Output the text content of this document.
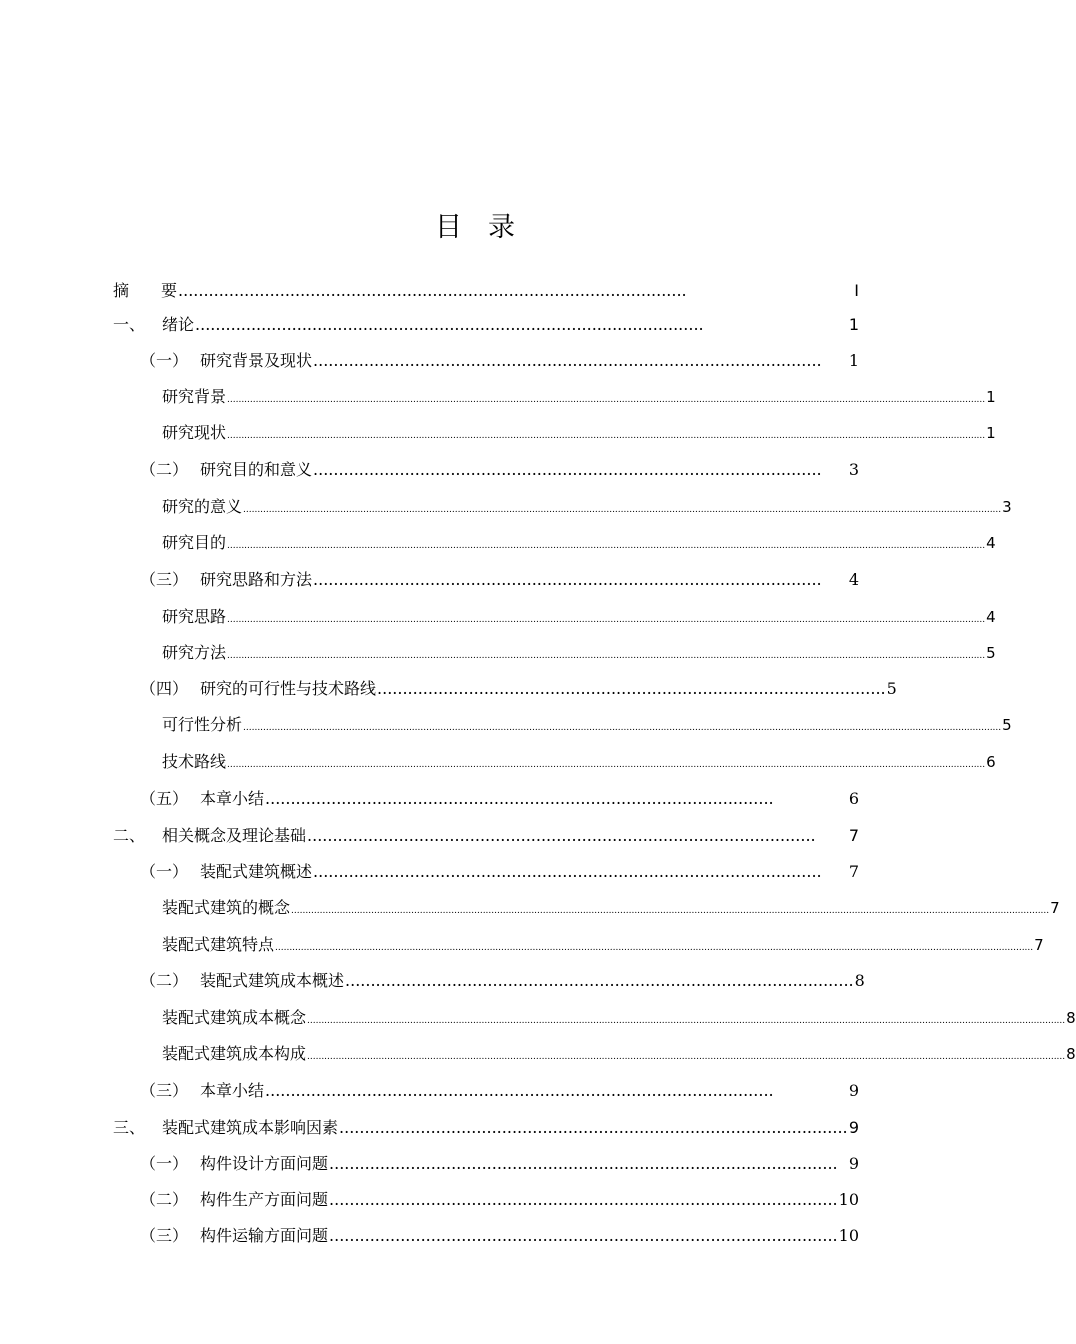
目 录
摘 要 ....................................................................................................	I
一、	绪论 ....................................................................................................	1
（一） 研究背景及现状 ....................................................................................................	1
研究背景 ......................................................................................................................................................................................................................................................................... 1
研究现状 ......................................................................................................................................................................................................................................................................... 1
（二） 研究目的和意义 ....................................................................................................	3
研究的意义 ......................................................................................................................................................................................................................................................................... 3
研究目的 ......................................................................................................................................................................................................................................................................... 4
（三） 研究思路和方法 ....................................................................................................	4
研究思路 ......................................................................................................................................................................................................................................................................... 4
研究方法 ......................................................................................................................................................................................................................................................................... 5
（四） 研究的可行性与技术路线 .................................................................................................... 5
可行性分析 ......................................................................................................................................................................................................................................................................... 5
技术路线 ......................................................................................................................................................................................................................................................................... 6
（五） 本章小结 ....................................................................................................	6
二、	相关概念及理论基础 ....................................................................................................	7
（一） 装配式建筑概述 ....................................................................................................	7
装配式建筑的概念 ......................................................................................................................................................................................................................................................................... 7
装配式建筑特点 ......................................................................................................................................................................................................................................................................... 7
（二） 装配式建筑成本概述 .................................................................................................... 8
装配式建筑成本概念 ......................................................................................................................................................................................................................................................................... 8
装配式建筑成本构成 ......................................................................................................................................................................................................................................................................... 8
（三） 本章小结 ....................................................................................................	9
三、	装配式建筑成本影响因素 .................................................................................................... 9
（一） 构件设计方面问题 .................................................................................................... 9
（二） 构件生产方面问题 .................................................................................................... 10
（三） 构件运输方面问题 .................................................................................................... 10
